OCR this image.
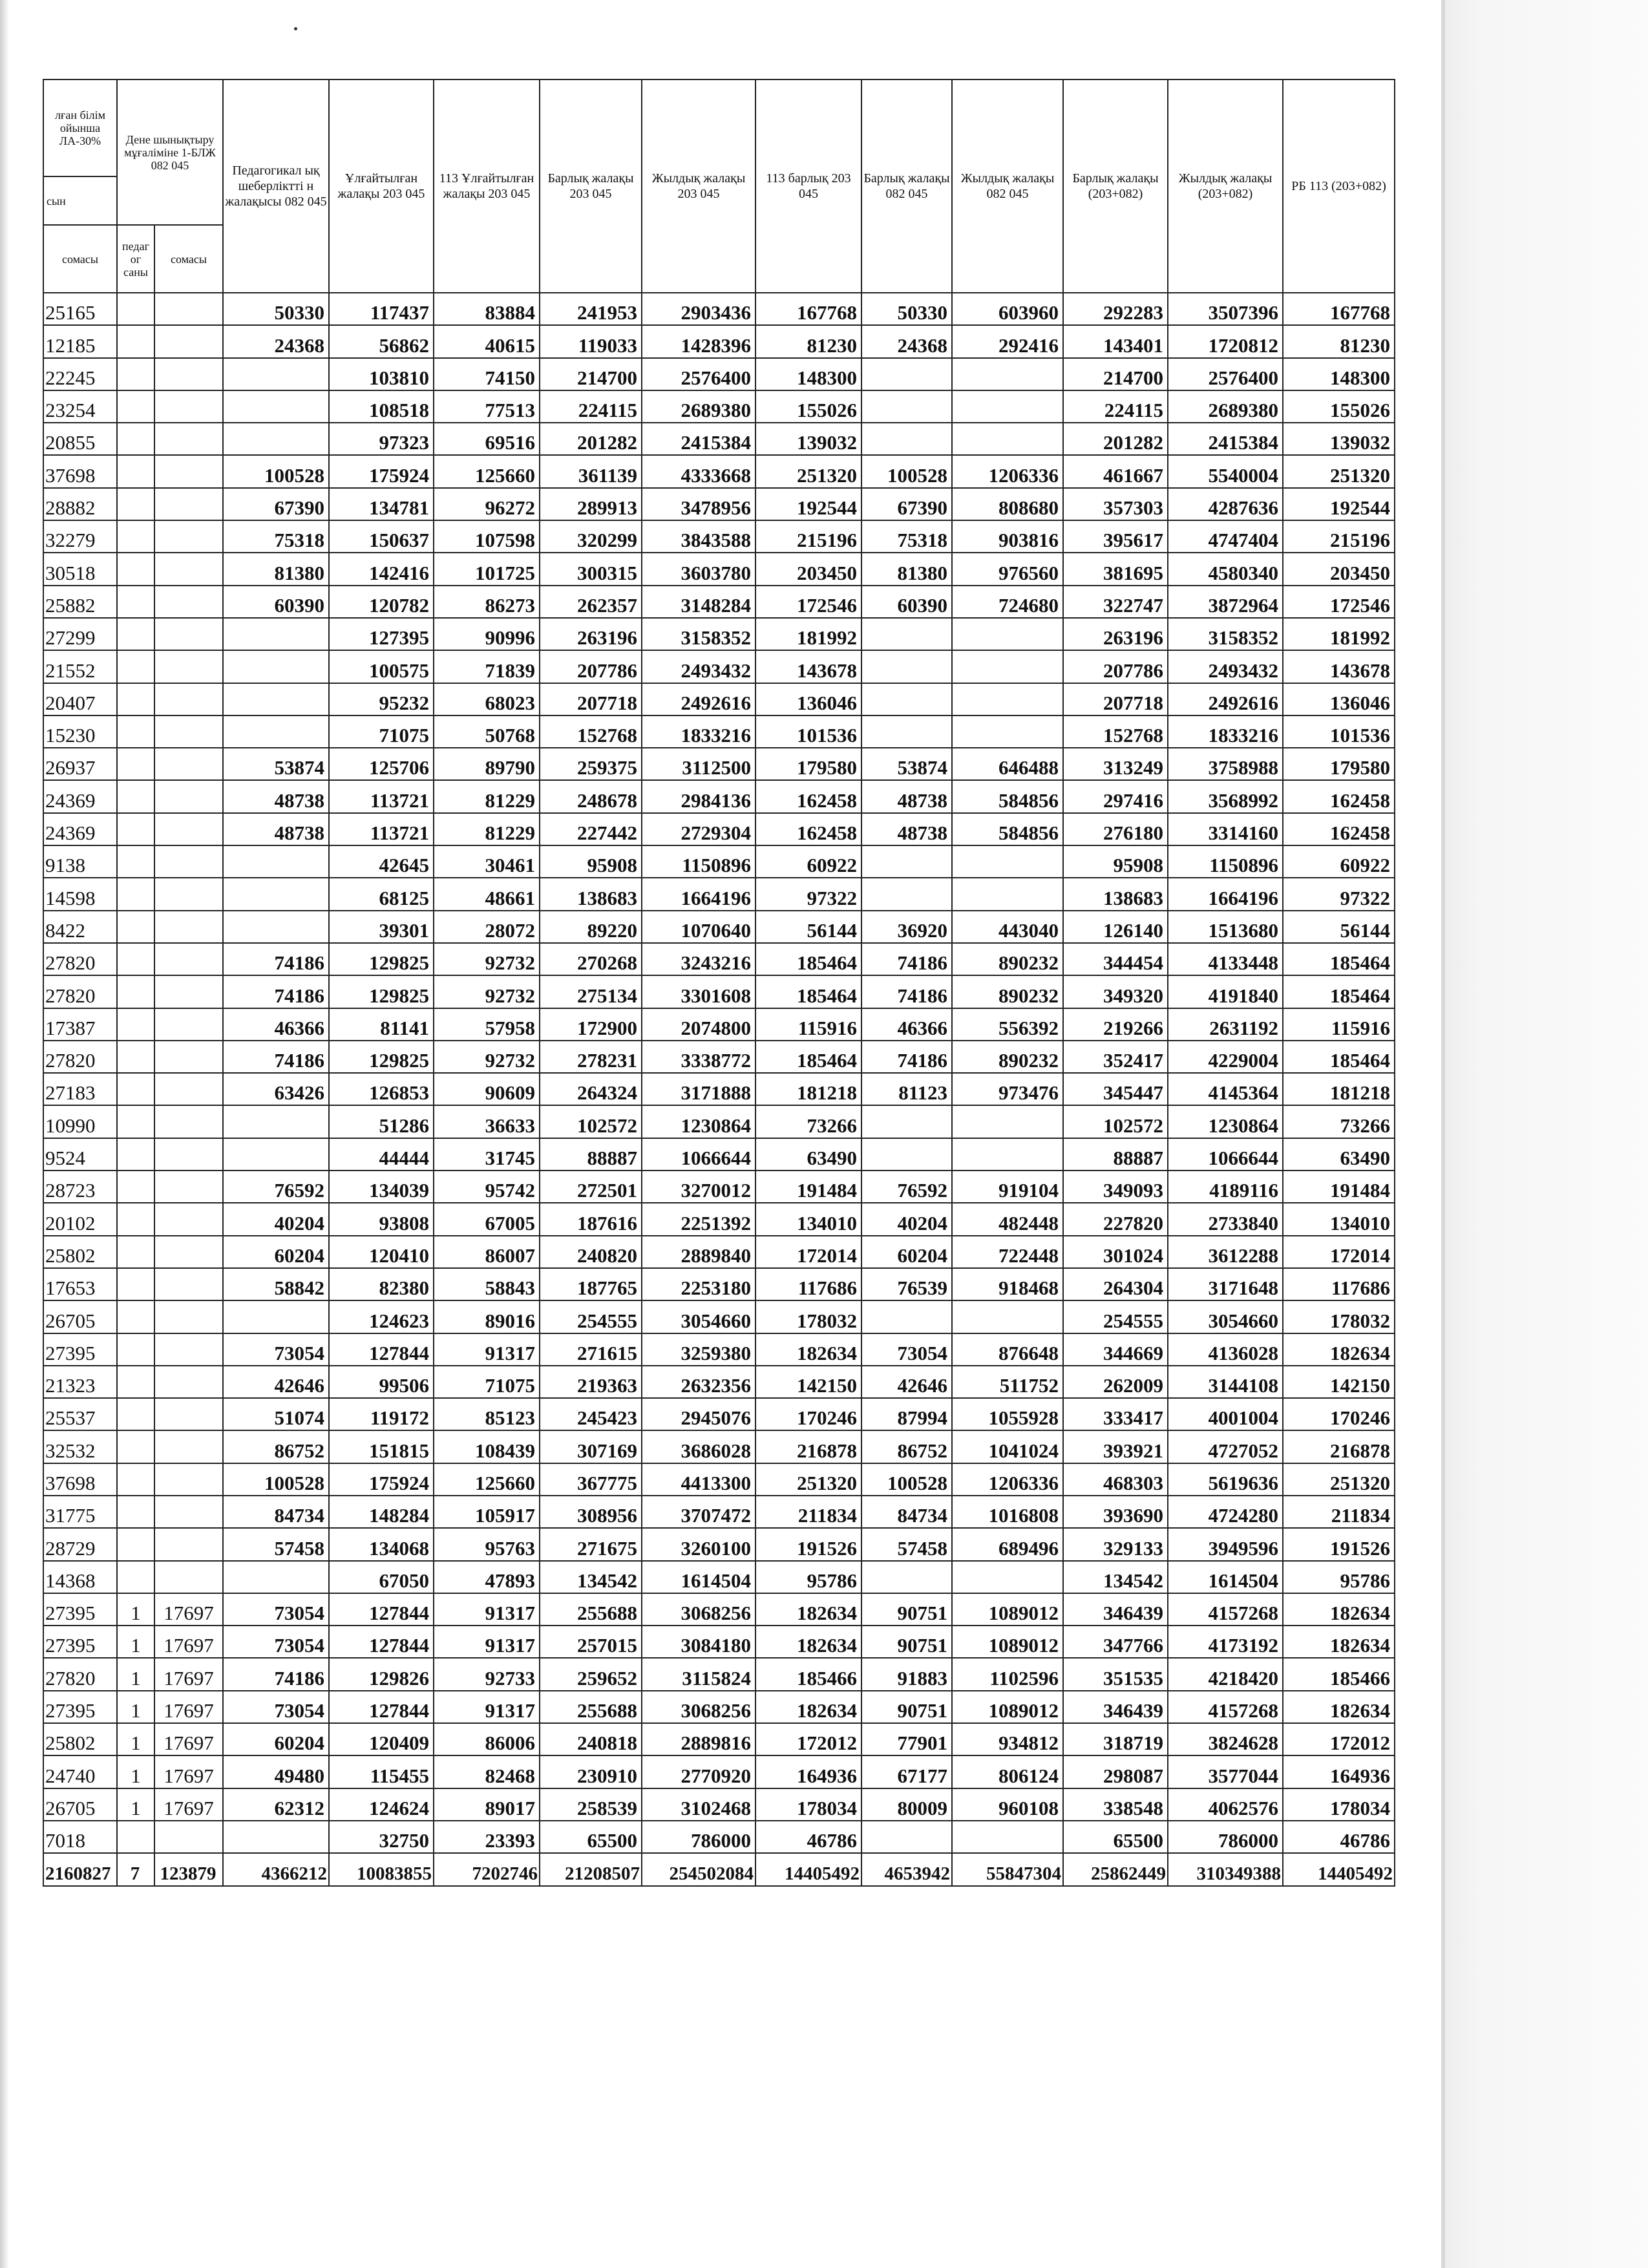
лған білім ойынша ЛА-30%	Дене шынықтыру мұғаліміне 1-БЛЖ 082 045		Педагогикал ық шеберліктті н жалақысы 082 045	Ұлғайтылған жалақы 203 045	113 Ұлғайтылған жалақы 203 045	Барлық жалақы 203 045	Жылдық жалақы 203 045	113 барлық 203 045	Барлық жалақы 082 045	Жылдық жалақы 082 045	Барлық жалақы (203+082)	Жылдық жалақы (203+082)	РБ 113 (203+082)
сын													
сомасы	педаг ог саны	сомасы											
25165			50330	117437	83884	241953	2903436	167768	50330	603960	292283	3507396	167768
12185			24368	56862	40615	119033	1428396	81230	24368	292416	143401	1720812	81230
22245				103810	74150	214700	2576400	148300			214700	2576400	148300
23254				108518	77513	224115	2689380	155026			224115	2689380	155026
20855				97323	69516	201282	2415384	139032			201282	2415384	139032
37698			100528	175924	125660	361139	4333668	251320	100528	1206336	461667	5540004	251320
28882			67390	134781	96272	289913	3478956	192544	67390	808680	357303	4287636	192544
32279			75318	150637	107598	320299	3843588	215196	75318	903816	395617	4747404	215196
30518			81380	142416	101725	300315	3603780	203450	81380	976560	381695	4580340	203450
25882			60390	120782	86273	262357	3148284	172546	60390	724680	322747	3872964	172546
27299				127395	90996	263196	3158352	181992			263196	3158352	181992
21552				100575	71839	207786	2493432	143678			207786	2493432	143678
20407				95232	68023	207718	2492616	136046			207718	2492616	136046
15230				71075	50768	152768	1833216	101536			152768	1833216	101536
26937			53874	125706	89790	259375	3112500	179580	53874	646488	313249	3758988	179580
24369			48738	113721	81229	248678	2984136	162458	48738	584856	297416	3568992	162458
24369			48738	113721	81229	227442	2729304	162458	48738	584856	276180	3314160	162458
9138				42645	30461	95908	1150896	60922			95908	1150896	60922
14598				68125	48661	138683	1664196	97322			138683	1664196	97322
8422				39301	28072	89220	1070640	56144	36920	443040	126140	1513680	56144
27820			74186	129825	92732	270268	3243216	185464	74186	890232	344454	4133448	185464
27820			74186	129825	92732	275134	3301608	185464	74186	890232	349320	4191840	185464
17387			46366	81141	57958	172900	2074800	115916	46366	556392	219266	2631192	115916
27820			74186	129825	92732	278231	3338772	185464	74186	890232	352417	4229004	185464
27183			63426	126853	90609	264324	3171888	181218	81123	973476	345447	4145364	181218
10990				51286	36633	102572	1230864	73266			102572	1230864	73266
9524				44444	31745	88887	1066644	63490			88887	1066644	63490
28723			76592	134039	95742	272501	3270012	191484	76592	919104	349093	4189116	191484
20102			40204	93808	67005	187616	2251392	134010	40204	482448	227820	2733840	134010
25802			60204	120410	86007	240820	2889840	172014	60204	722448	301024	3612288	172014
17653			58842	82380	58843	187765	2253180	117686	76539	918468	264304	3171648	117686
26705				124623	89016	254555	3054660	178032			254555	3054660	178032
27395			73054	127844	91317	271615	3259380	182634	73054	876648	344669	4136028	182634
21323			42646	99506	71075	219363	2632356	142150	42646	511752	262009	3144108	142150
25537			51074	119172	85123	245423	2945076	170246	87994	1055928	333417	4001004	170246
32532			86752	151815	108439	307169	3686028	216878	86752	1041024	393921	4727052	216878
37698			100528	175924	125660	367775	4413300	251320	100528	1206336	468303	5619636	251320
31775			84734	148284	105917	308956	3707472	211834	84734	1016808	393690	4724280	211834
28729			57458	134068	95763	271675	3260100	191526	57458	689496	329133	3949596	191526
14368				67050	47893	134542	1614504	95786			134542	1614504	95786
27395	1	17697	73054	127844	91317	255688	3068256	182634	90751	1089012	346439	4157268	182634
27395	1	17697	73054	127844	91317	257015	3084180	182634	90751	1089012	347766	4173192	182634
27820	1	17697	74186	129826	92733	259652	3115824	185466	91883	1102596	351535	4218420	185466
27395	1	17697	73054	127844	91317	255688	3068256	182634	90751	1089012	346439	4157268	182634
25802	1	17697	60204	120409	86006	240818	2889816	172012	77901	934812	318719	3824628	172012
24740	1	17697	49480	115455	82468	230910	2770920	164936	67177	806124	298087	3577044	164936
26705	1	17697	62312	124624	89017	258539	3102468	178034	80009	960108	338548	4062576	178034
7018				32750	23393	65500	786000	46786			65500	786000	46786
2160827	7	123879	4366212	10083855	7202746	21208507	254502084	14405492	4653942	55847304	25862449	310349388	14405492
